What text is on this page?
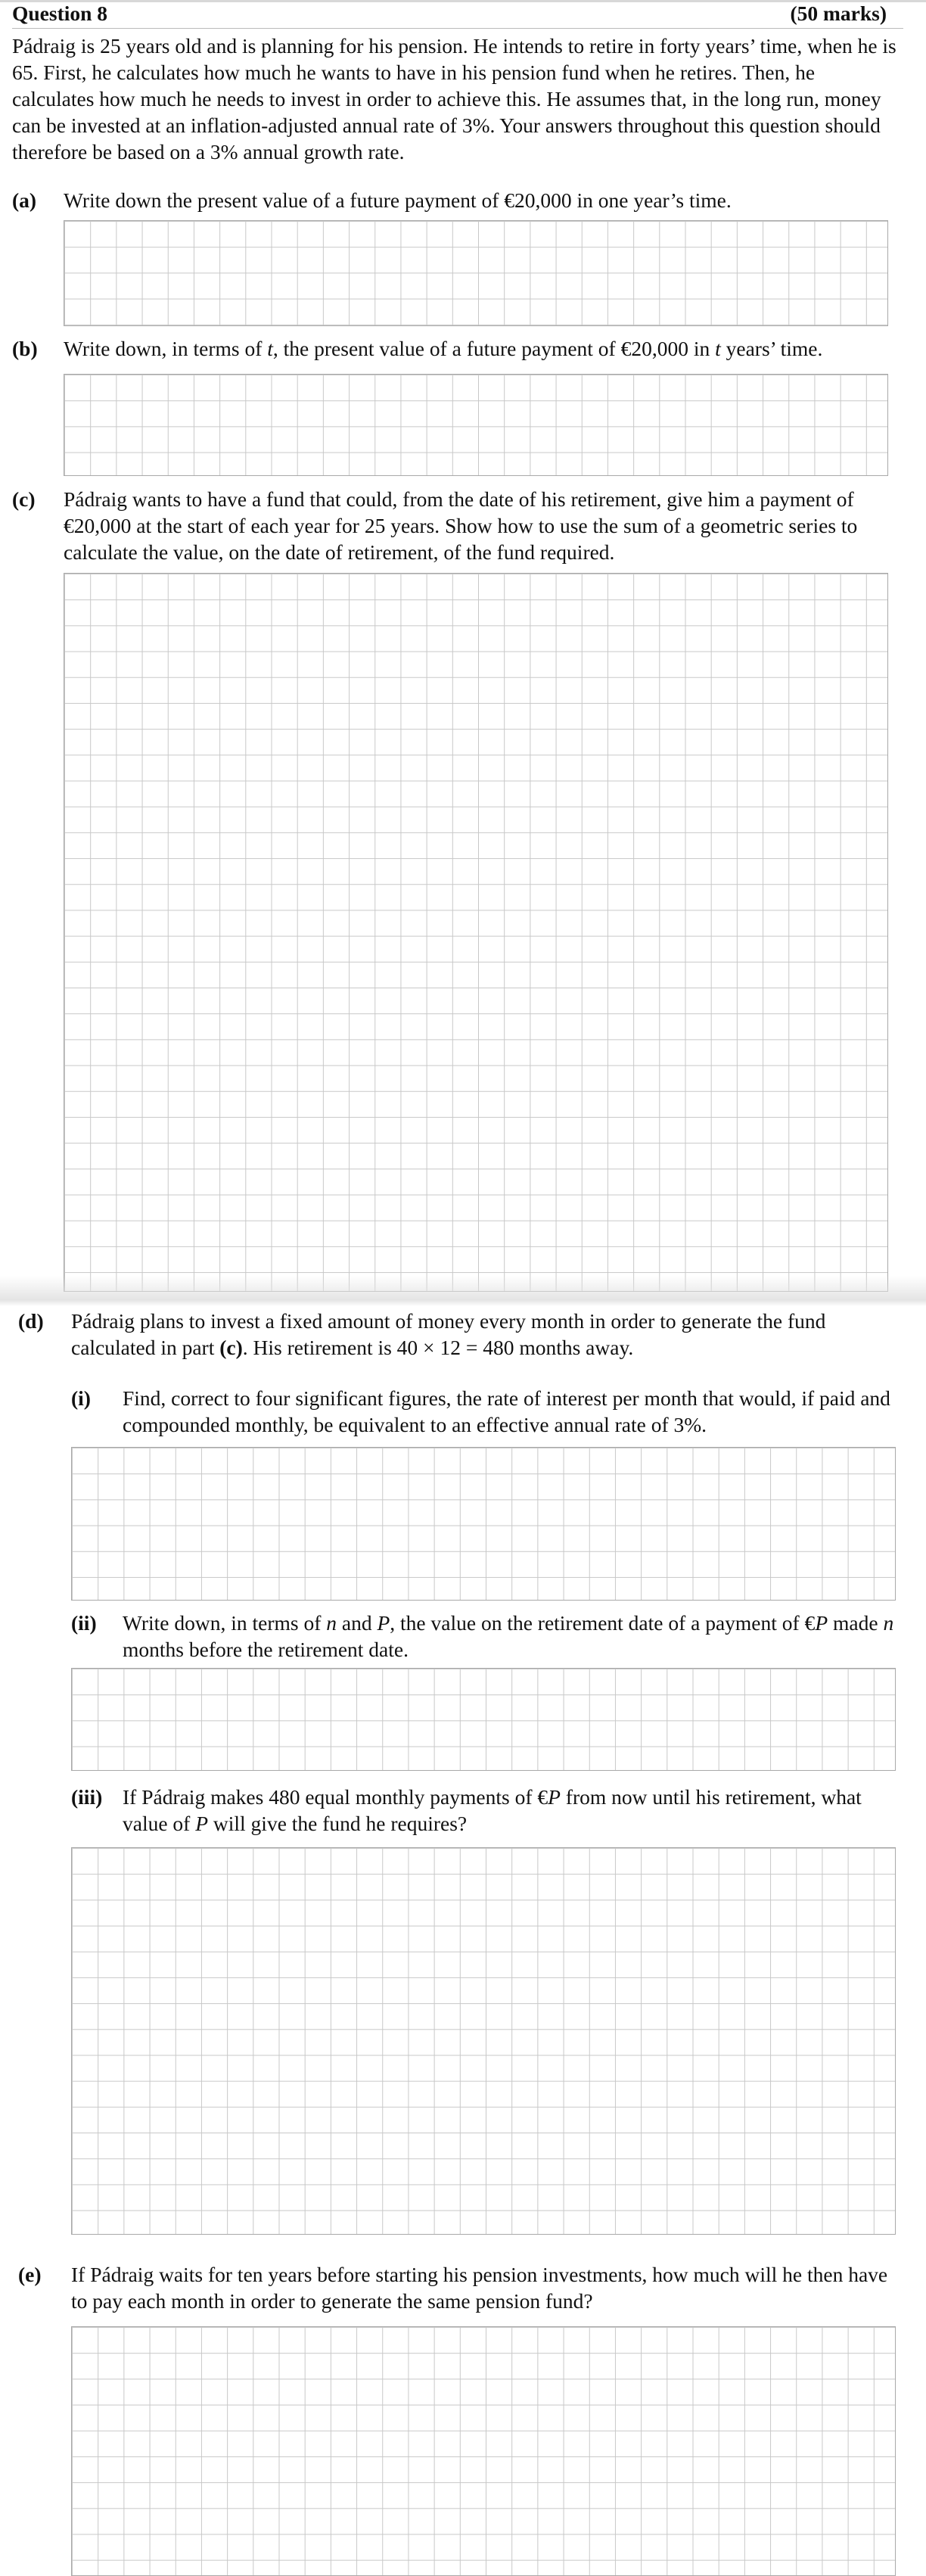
Question 8	(50 marks)
Pádraig is 25 years old and is planning for his pension. He intends to retire in forty years’ time, when he is 65. First, he calculates how much he wants to have in his pension fund when he retires. Then, he calculates how much he needs to invest in order to achieve this. He assumes that, in the long run, money can be invested at an inflation-adjusted annual rate of 3%. Your answers throughout this question should therefore be based on a 3% annual growth rate.
(a) Write down the present value of a future payment of €20,000 in one year’s time.
(b) Write down, in terms of t, the present value of a future payment of €20,000 in t years’ time.
(c) Pádraig wants to have a fund that could, from the date of his retirement, give him a payment of €20,000 at the start of each year for 25 years. Show how to use the sum of a geometric series to calculate the value, on the date of retirement, of the fund required.
(d) Pádraig plans to invest a fixed amount of money every month in order to generate the fund calculated in part (c). His retirement is 40 × 12 = 480 months away.
(i) Find, correct to four significant figures, the rate of interest per month that would, if paid and compounded monthly, be equivalent to an effective annual rate of 3%.
(ii) Write down, in terms of n and P, the value on the retirement date of a payment of €P made n months before the retirement date.
(iii) If Pádraig makes 480 equal monthly payments of €P from now until his retirement, what value of P will give the fund he requires?
(e) If Pádraig waits for ten years before starting his pension investments, how much will he then have to pay each month in order to generate the same pension fund?
